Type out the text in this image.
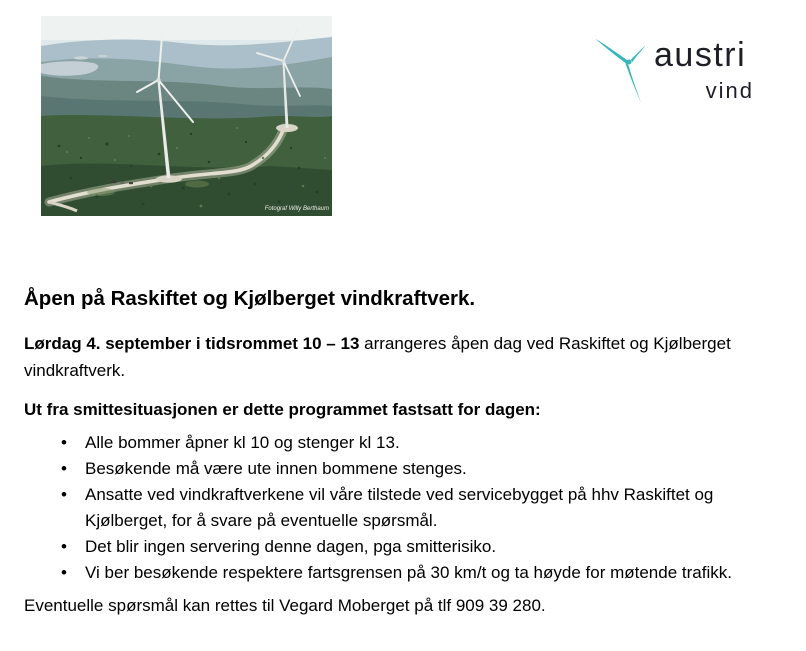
Fotograf Willy Berthaum
austri
vind
Åpen på Raskiftet og Kjølberget vindkraftverk.

Lørdag 4. september i tidsrommet 10 – 13 arrangeres åpen dag ved Raskiftet og Kjølberget vindkraftverk.

Ut fra smittesituasjonen er dette programmet fastsatt for dagen:

• Alle bommer åpner kl 10 og stenger kl 13.
• Besøkende må være ute innen bommene stenges.
• Ansatte ved vindkraftverkene vil våre tilstede ved servicebygget på hhv Raskiftet og Kjølberget, for å svare på eventuelle spørsmål.
• Det blir ingen servering denne dagen, pga smitterisiko.
• Vi ber besøkende respektere fartsgrensen på 30 km/t og ta høyde for møtende trafikk.

Eventuelle spørsmål kan rettes til Vegard Moberget på tlf 909 39 280.
